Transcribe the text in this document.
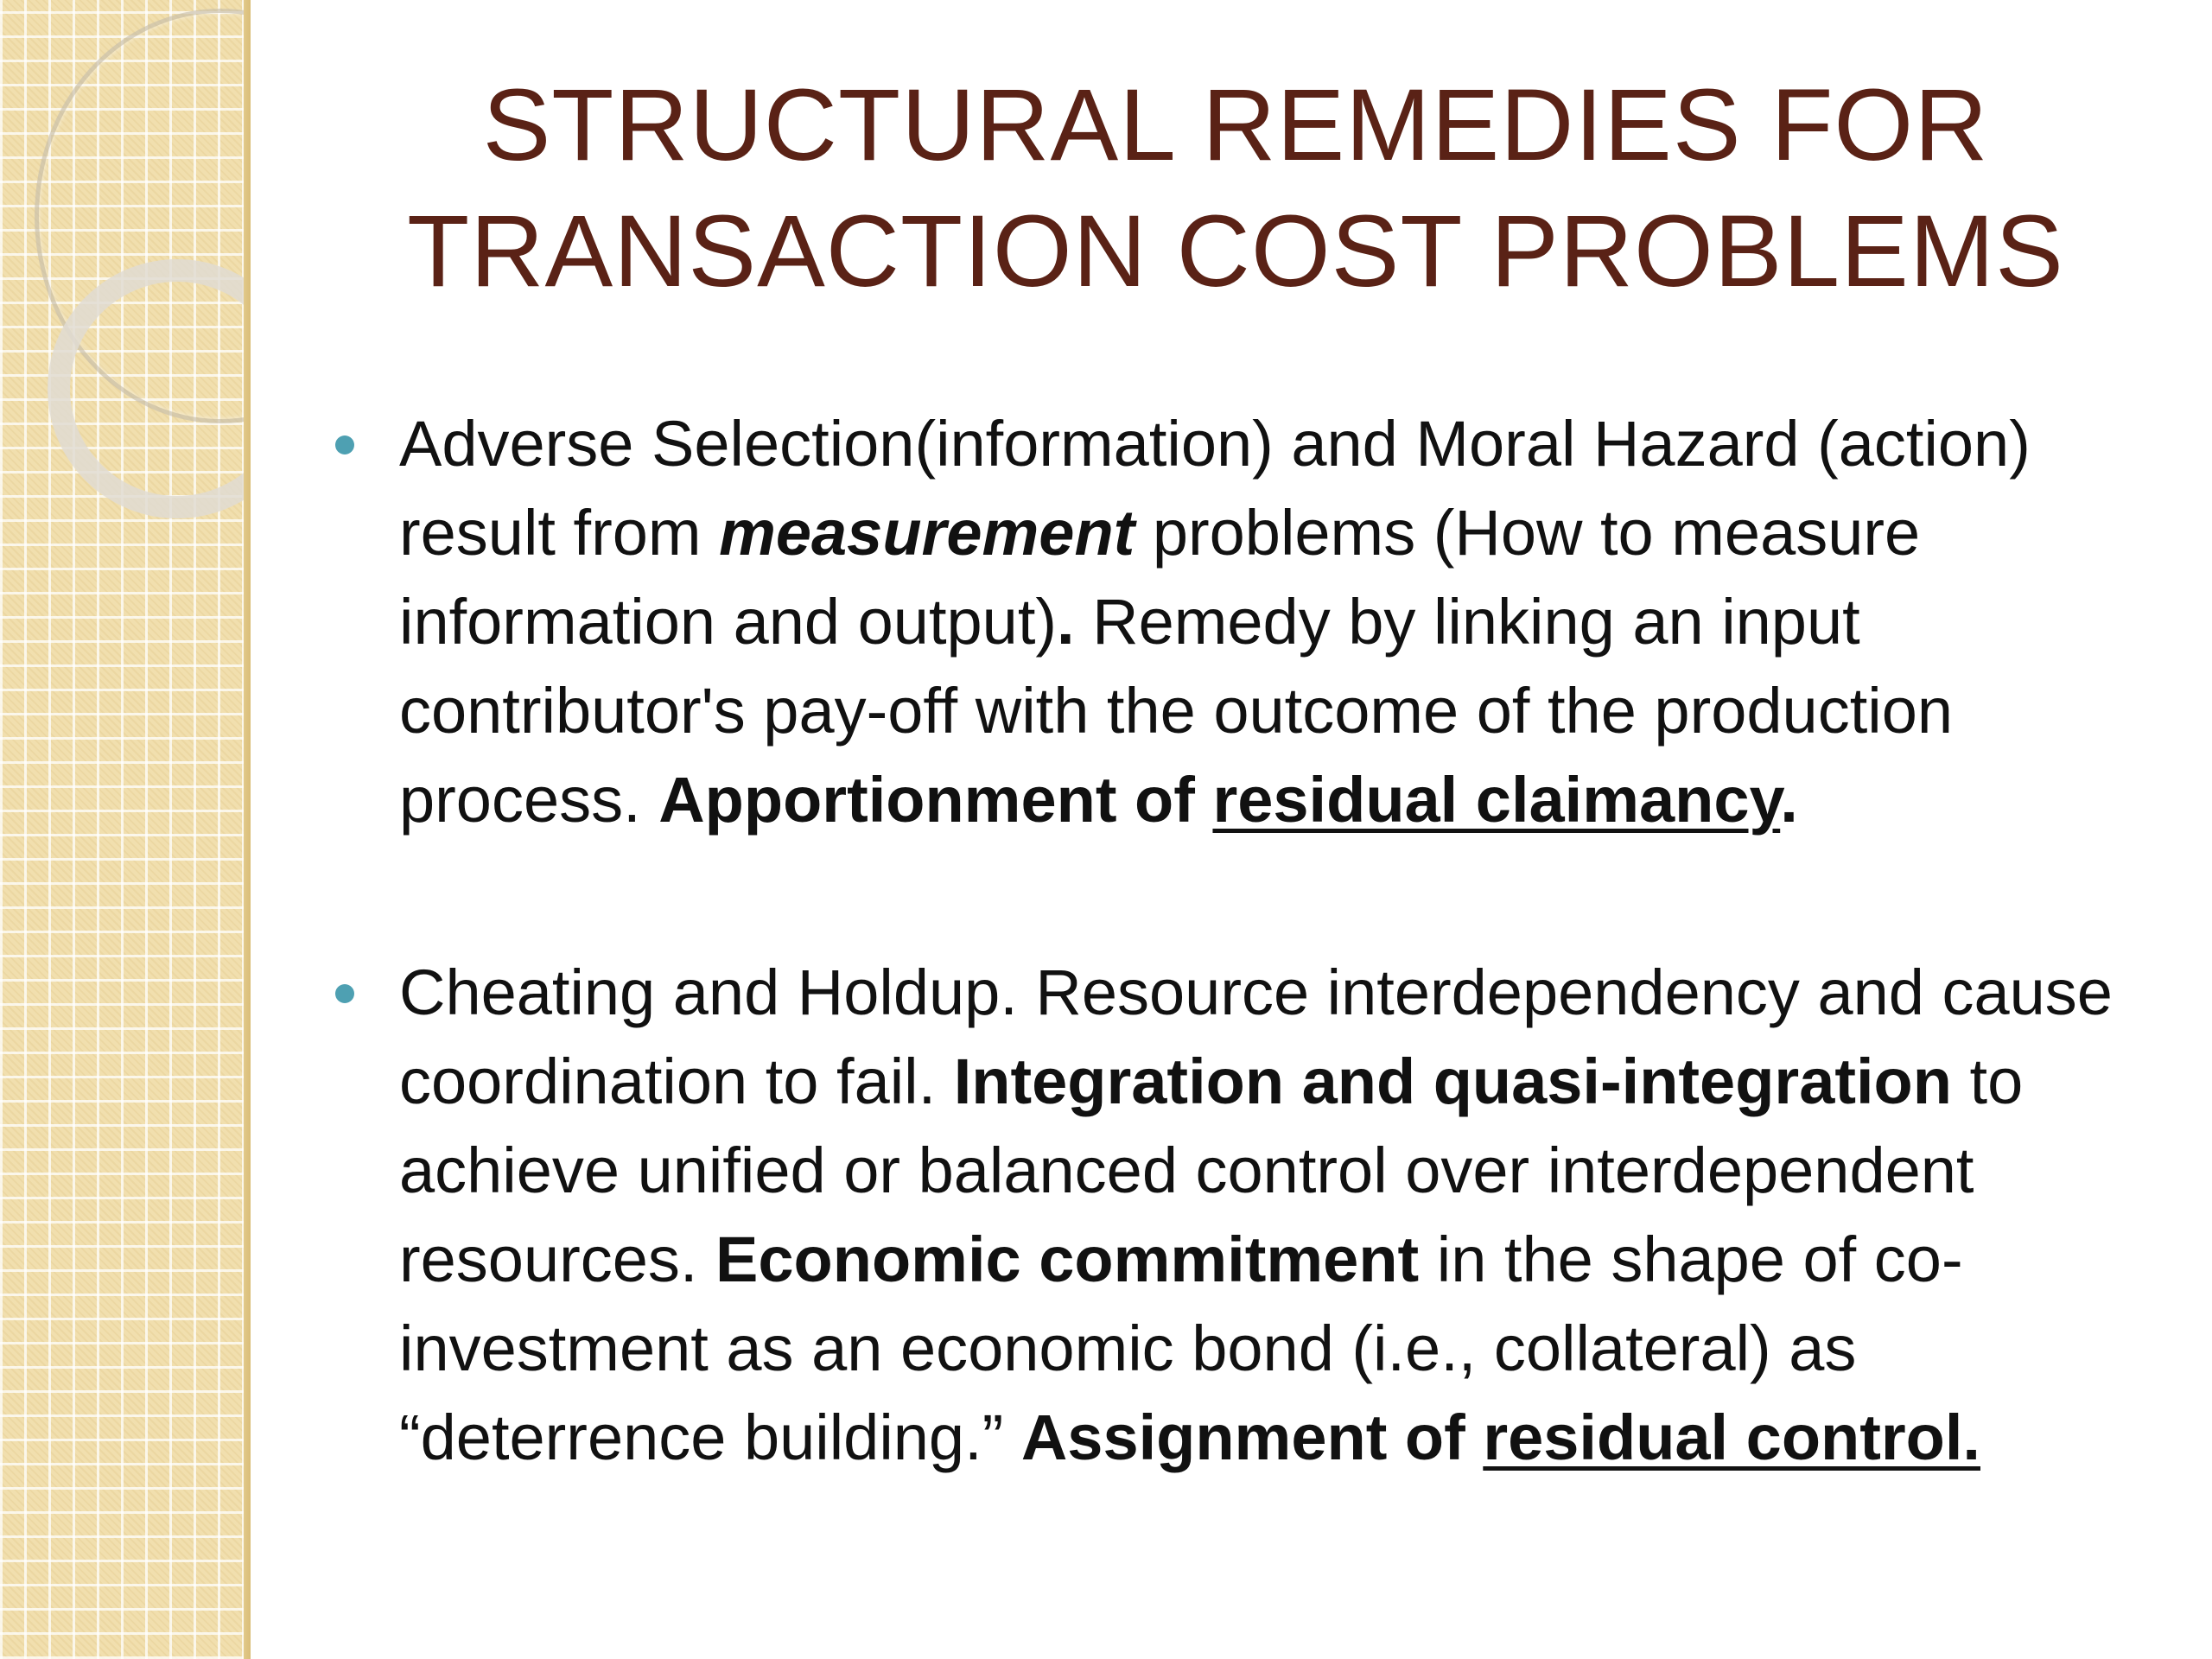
STRUCTURAL REMEDIES FOR
TRANSACTION COST PROBLEMS
Adverse Selection(information) and Moral Hazard (action) result from measurement problems (How to measure information and output). Remedy by linking an input contributor's pay-off with the outcome of the production process. Apportionment of residual claimancy.
Cheating and Holdup. Resource interdependency and cause coordination to fail. Integration and quasi-integration to achieve unified or balanced control over interdependent resources. Economic commitment in the shape of co-investment as an economic bond (i.e., collateral) as “deterrence building.” Assignment of residual control.
